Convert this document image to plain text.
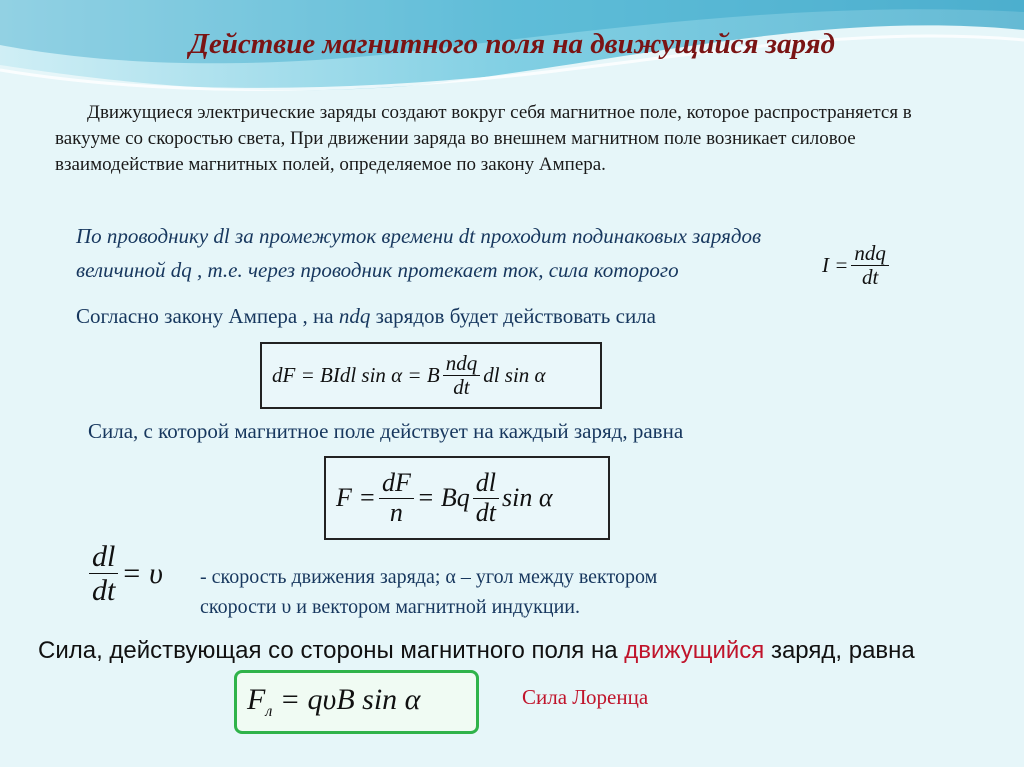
Действие магнитного поля на движущийся заряд
Движущиеся электрические заряды создают вокруг себя магнитное поле, которое распространяется в вакууме со скоростью света, При движении заряда во внешнем магнитном поле возникает силовое взаимодействие магнитных полей, определяемое по закону Ампера.
По проводнику dl за промежуток времени dt проходит подинаковых зарядов
величиной dq , т.е. через проводник протекает ток, сила которого	$I = \frac{\text{ndq}}{dt}$
Согласно закону Ампера , на ndq зарядов будет действовать сила
dF = BIdl sin α = B $\frac{\text{ndq}}{dt}$ dl sin α
Сила, с которой магнитное поле действует на каждый заряд, равна
$F = \frac{dF}{n} = Bq \frac{dl}{dt}$ sin α
$\frac{dl}{dt} = \upsilon$ - скорость движения заряда; α – угол между вектором
скорости υ и вектором магнитной индукции.
Сила, действующая со стороны магнитного поля на движущийся заряд, равна
$F_л = q\upsilon B$ sin α	Сила Лоренца
